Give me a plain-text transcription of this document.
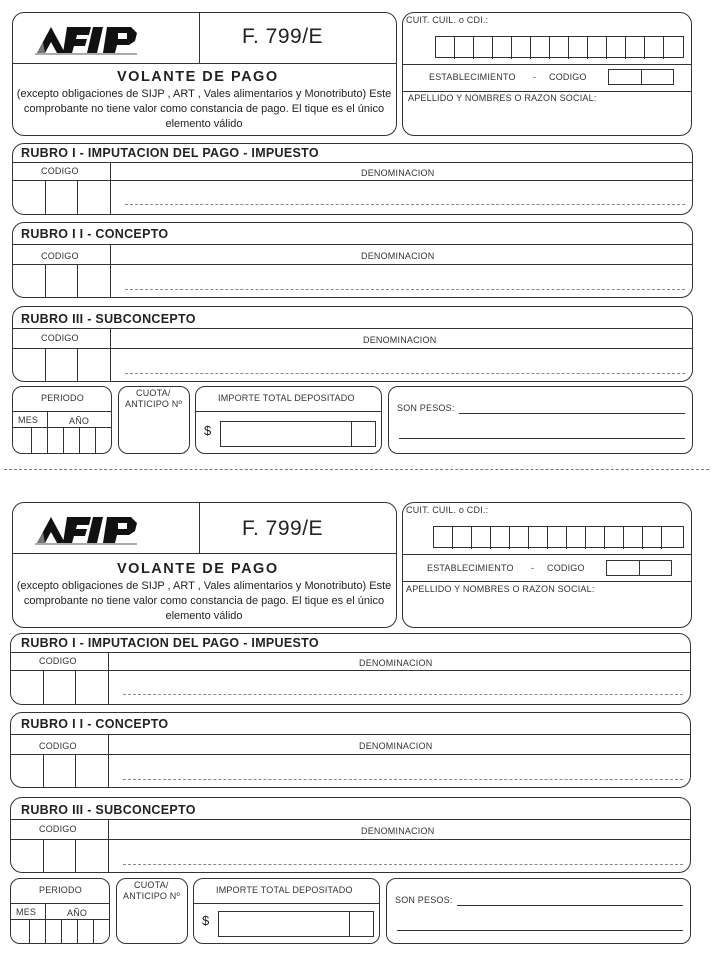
F. 799/E
VOLANTE DE PAGO
(excepto obligaciones de SIJP , ART , Vales alimentarios y Monotributo) Este comprobante no tiene valor como constancia de pago. El tique es el único elemento válido
CUIT. CUIL. o CDI.:
ESTABLECIMIENTO - CODIGO
APELLIDO Y NOMBRES O RAZON SOCIAL:
RUBRO I - IMPUTACION DEL PAGO - IMPUESTO
CODIGO	DENOMINACION
RUBRO I I - CONCEPTO
CODIGO	DENOMINACION
RUBRO III - SUBCONCEPTO
CODIGO	DENOMINACION
PERIODO
MES	AÑO
CUOTA/
ANTICIPO Nº
IMPORTE TOTAL DEPOSITADO
$
SON PESOS:
F. 799/E
VOLANTE DE PAGO
(excepto obligaciones de SIJP , ART , Vales alimentarios y Monotributo) Este comprobante no tiene valor como constancia de pago. El tique es el único elemento válido
CUIT. CUIL. o CDI.:
ESTABLECIMIENTO - CODIGO
APELLIDO Y NOMBRES O RAZON SOCIAL:
RUBRO I - IMPUTACION DEL PAGO - IMPUESTO
CODIGO	DENOMINACION
RUBRO I I - CONCEPTO
CODIGO	DENOMINACION
RUBRO III - SUBCONCEPTO
CODIGO	DENOMINACION
PERIODO
MES	AÑO
CUOTA/
ANTICIPO Nº
IMPORTE TOTAL DEPOSITADO
$
SON PESOS:
